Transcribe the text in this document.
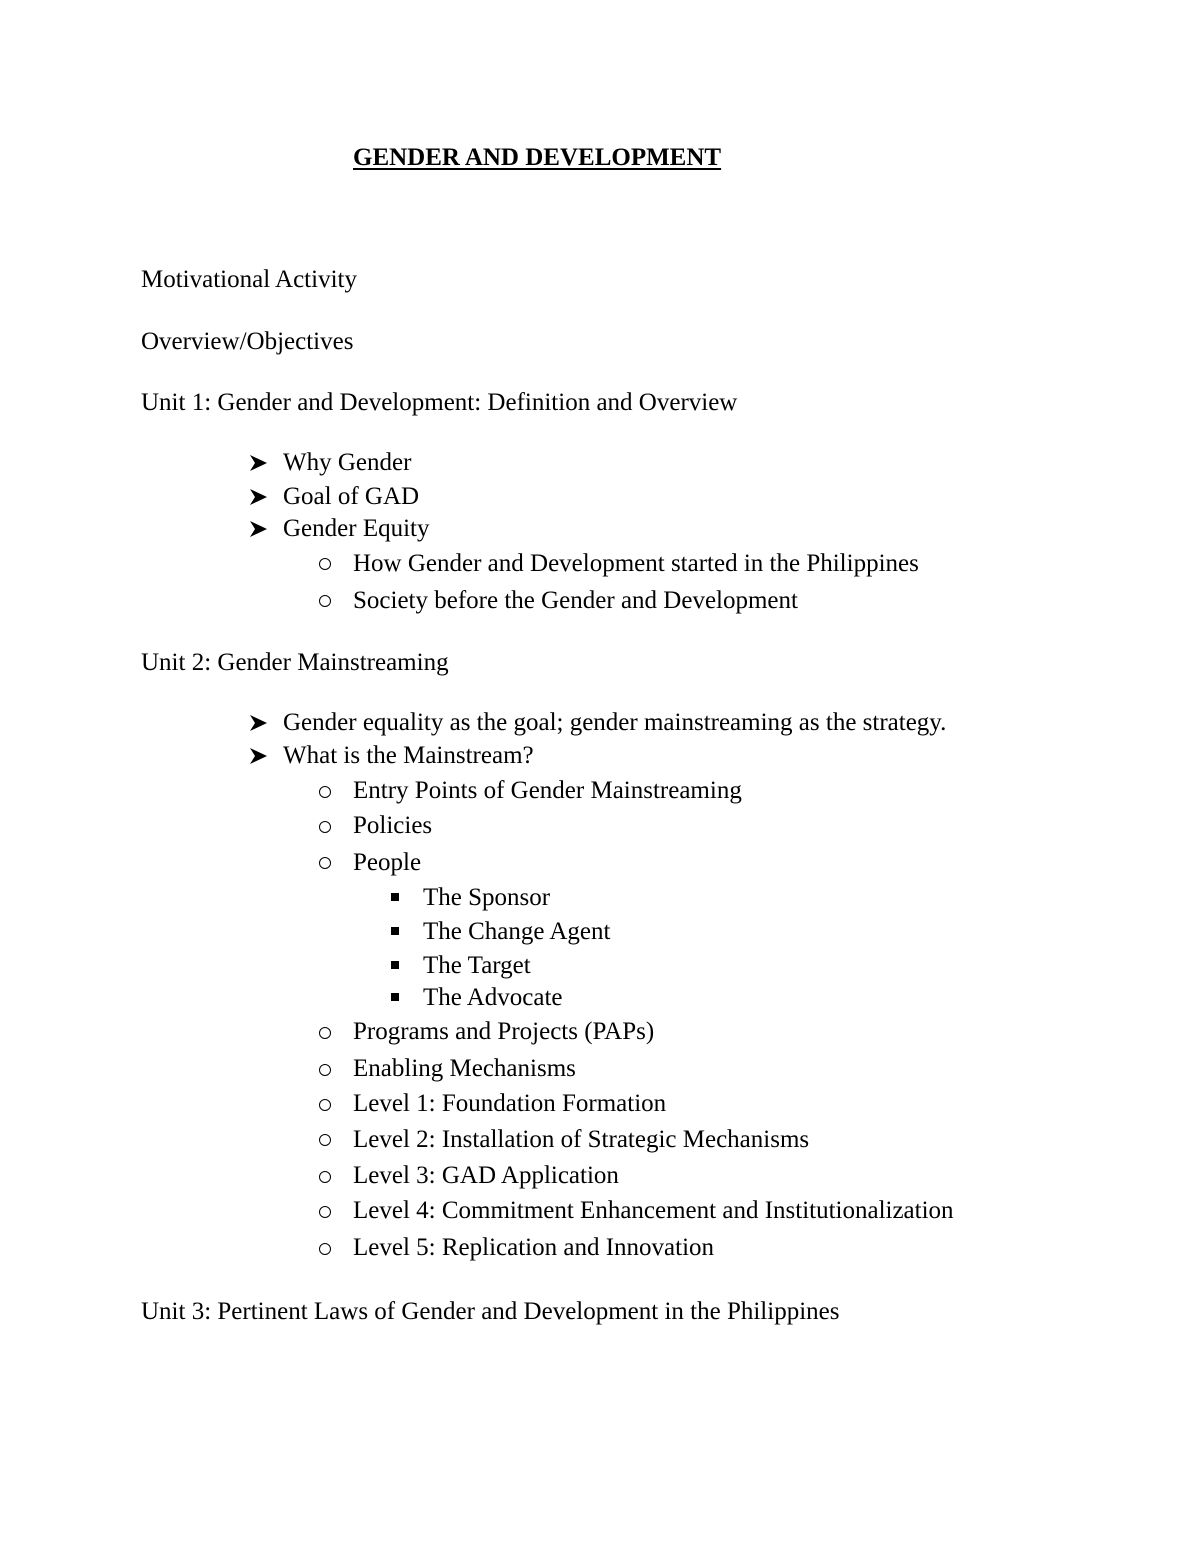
GENDER AND DEVELOPMENT
Motivational Activity
Overview/Objectives
Unit 1: Gender and Development: Definition and Overview
Why Gender
Goal of GAD
Gender Equity
How Gender and Development started in the Philippines
Society before the Gender and Development
Unit 2: Gender Mainstreaming
Gender equality as the goal; gender mainstreaming as the strategy.
What is the Mainstream?
Entry Points of Gender Mainstreaming
Policies
People
The Sponsor
The Change Agent
The Target
The Advocate
Programs and Projects (PAPs)
Enabling Mechanisms
Level 1: Foundation Formation
Level 2: Installation of Strategic Mechanisms
Level 3: GAD Application
Level 4: Commitment Enhancement and Institutionalization
Level 5: Replication and Innovation
Unit 3: Pertinent Laws of Gender and Development in the Philippines
